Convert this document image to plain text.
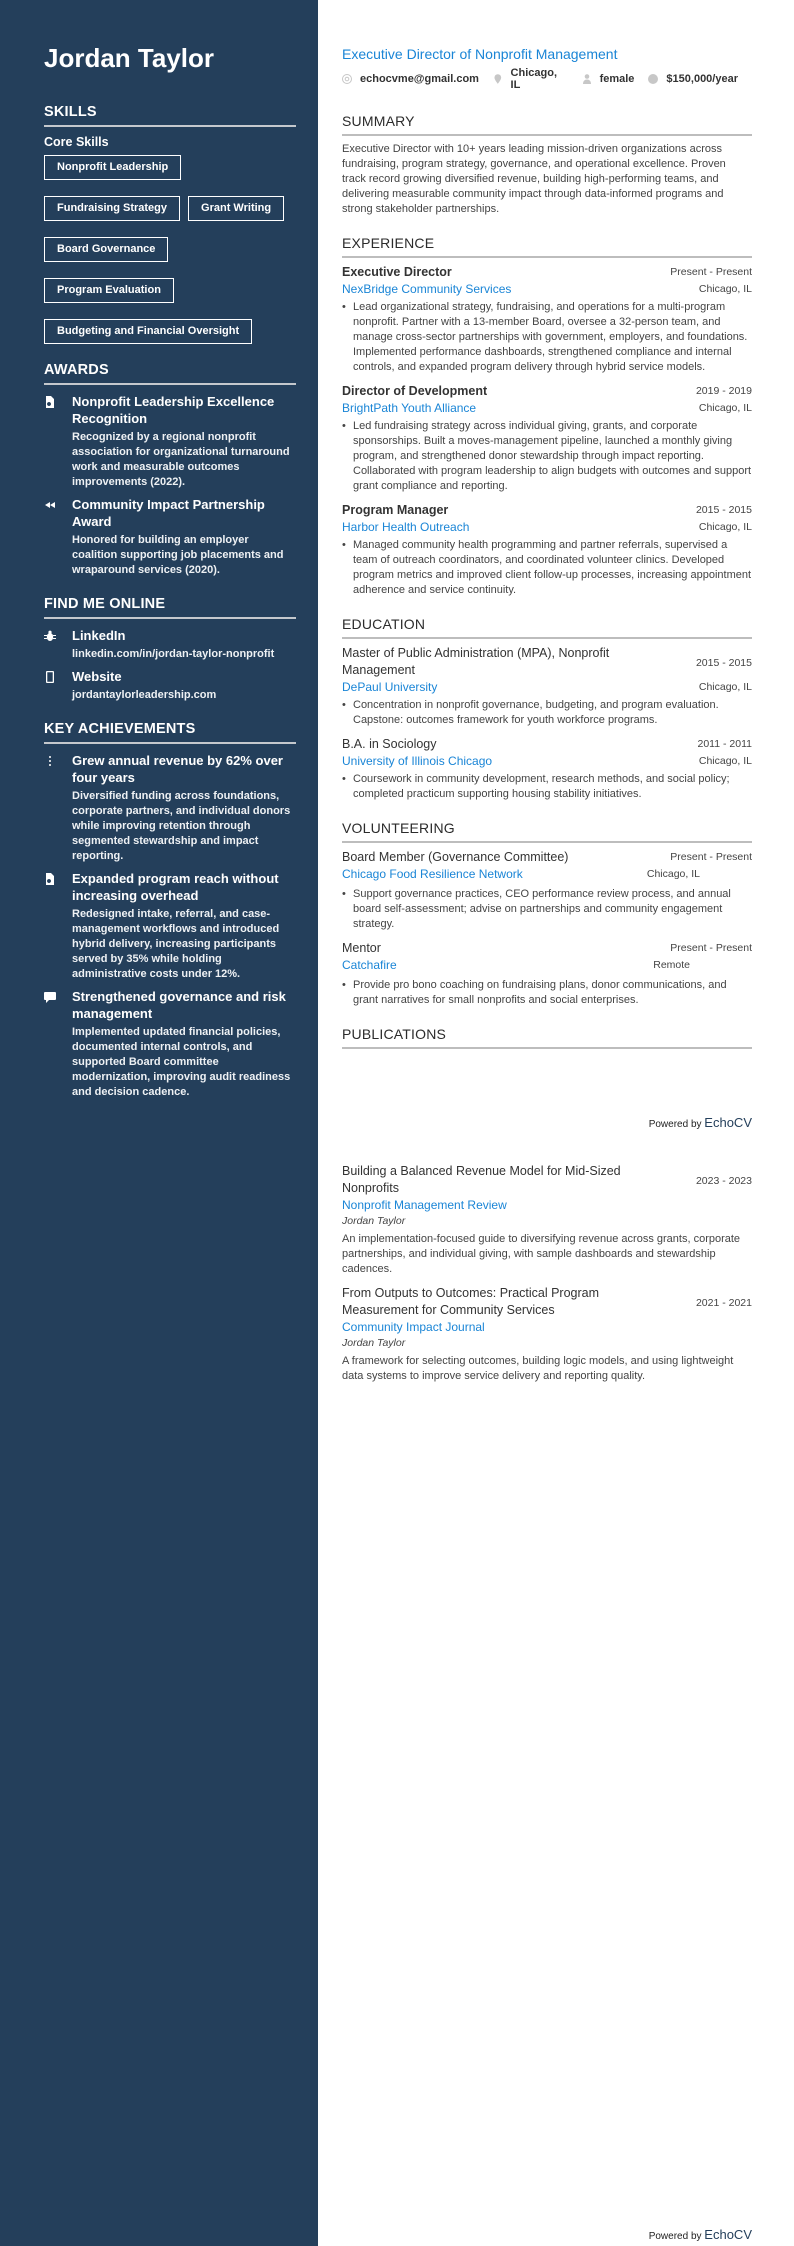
Jordan Taylor
SKILLS
Core Skills
Nonprofit Leadership
Fundraising Strategy	Grant Writing
Board Governance
Program Evaluation
Budgeting and Financial Oversight
AWARDS
Nonprofit Leadership Excellence Recognition
Recognized by a regional nonprofit association for organizational turnaround work and measurable outcomes improvements (2022).
Community Impact Partnership Award
Honored for building an employer coalition supporting job placements and wraparound services (2020).
FIND ME ONLINE
LinkedIn
linkedin.com/in/jordan-taylor-nonprofit
Website
jordantaylorleadership.com
KEY ACHIEVEMENTS
Grew annual revenue by 62% over four years
Diversified funding across foundations, corporate partners, and individual donors while improving retention through segmented stewardship and impact reporting.
Expanded program reach without increasing overhead
Redesigned intake, referral, and case-management workflows and introduced hybrid delivery, increasing participants served by 35% while holding administrative costs under 12%.
Strengthened governance and risk management
Implemented updated financial policies, documented internal controls, and supported Board committee modernization, improving audit readiness and decision cadence.
Executive Director of Nonprofit Management
echocvme@gmail.com	Chicago, IL	female	$150,000/year
SUMMARY

Executive Director with 10+ years leading mission-driven organizations across fundraising, program strategy, governance, and operational excellence. Proven track record growing diversified revenue, building high-performing teams, and delivering measurable community impact through data-informed programs and strong stakeholder partnerships.

EXPERIENCE
Executive Director	Present - Present
NexBridge Community Services	Chicago, IL
• Lead organizational strategy, fundraising, and operations for a multi-program nonprofit. Partner with a 13-member Board, oversee a 32-person team, and manage cross-sector partnerships with government, employers, and foundations. Implemented performance dashboards, strengthened compliance and internal controls, and expanded program delivery through hybrid service models.
Director of Development	2019 - 2019
BrightPath Youth Alliance	Chicago, IL
• Led fundraising strategy across individual giving, grants, and corporate sponsorships. Built a moves-management pipeline, launched a monthly giving program, and strengthened donor stewardship through impact reporting. Collaborated with program leadership to align budgets with outcomes and support grant compliance and reporting.
Program Manager	2015 - 2015
Harbor Health Outreach	Chicago, IL
• Managed community health programming and partner referrals, supervised a team of outreach coordinators, and coordinated volunteer clinics. Developed program metrics and improved client follow-up processes, increasing appointment adherence and service continuity.
EDUCATION
Master of Public Administration (MPA), Nonprofit Management	2015 - 2015
DePaul University	Chicago, IL
• Concentration in nonprofit governance, budgeting, and program evaluation. Capstone: outcomes framework for youth workforce programs.
B.A. in Sociology	2011 - 2011
University of Illinois Chicago	Chicago, IL
• Coursework in community development, research methods, and social policy; completed practicum supporting housing stability initiatives.
VOLUNTEERING
Board Member (Governance Committee)	Present - Present
Chicago Food Resilience Network	Chicago, IL
• Support governance practices, CEO performance review process, and annual board self-assessment; advise on partnerships and community engagement strategy.
Mentor	Present - Present
Catchafire	Remote
• Provide pro bono coaching on fundraising plans, donor communications, and grant narratives for small nonprofits and social enterprises.
PUBLICATIONS
Powered by EchoCV
Building a Balanced Revenue Model for Mid-Sized Nonprofits	2023 - 2023
Nonprofit Management Review
Jordan Taylor

An implementation-focused guide to diversifying revenue across grants, corporate partnerships, and individual giving, with sample dashboards and stewardship cadences.

From Outputs to Outcomes: Practical Program Measurement for Community Services	2021 - 2021
Community Impact Journal
Jordan Taylor

A framework for selecting outcomes, building logic models, and using lightweight data systems to improve service delivery and reporting quality.

Powered by EchoCV
